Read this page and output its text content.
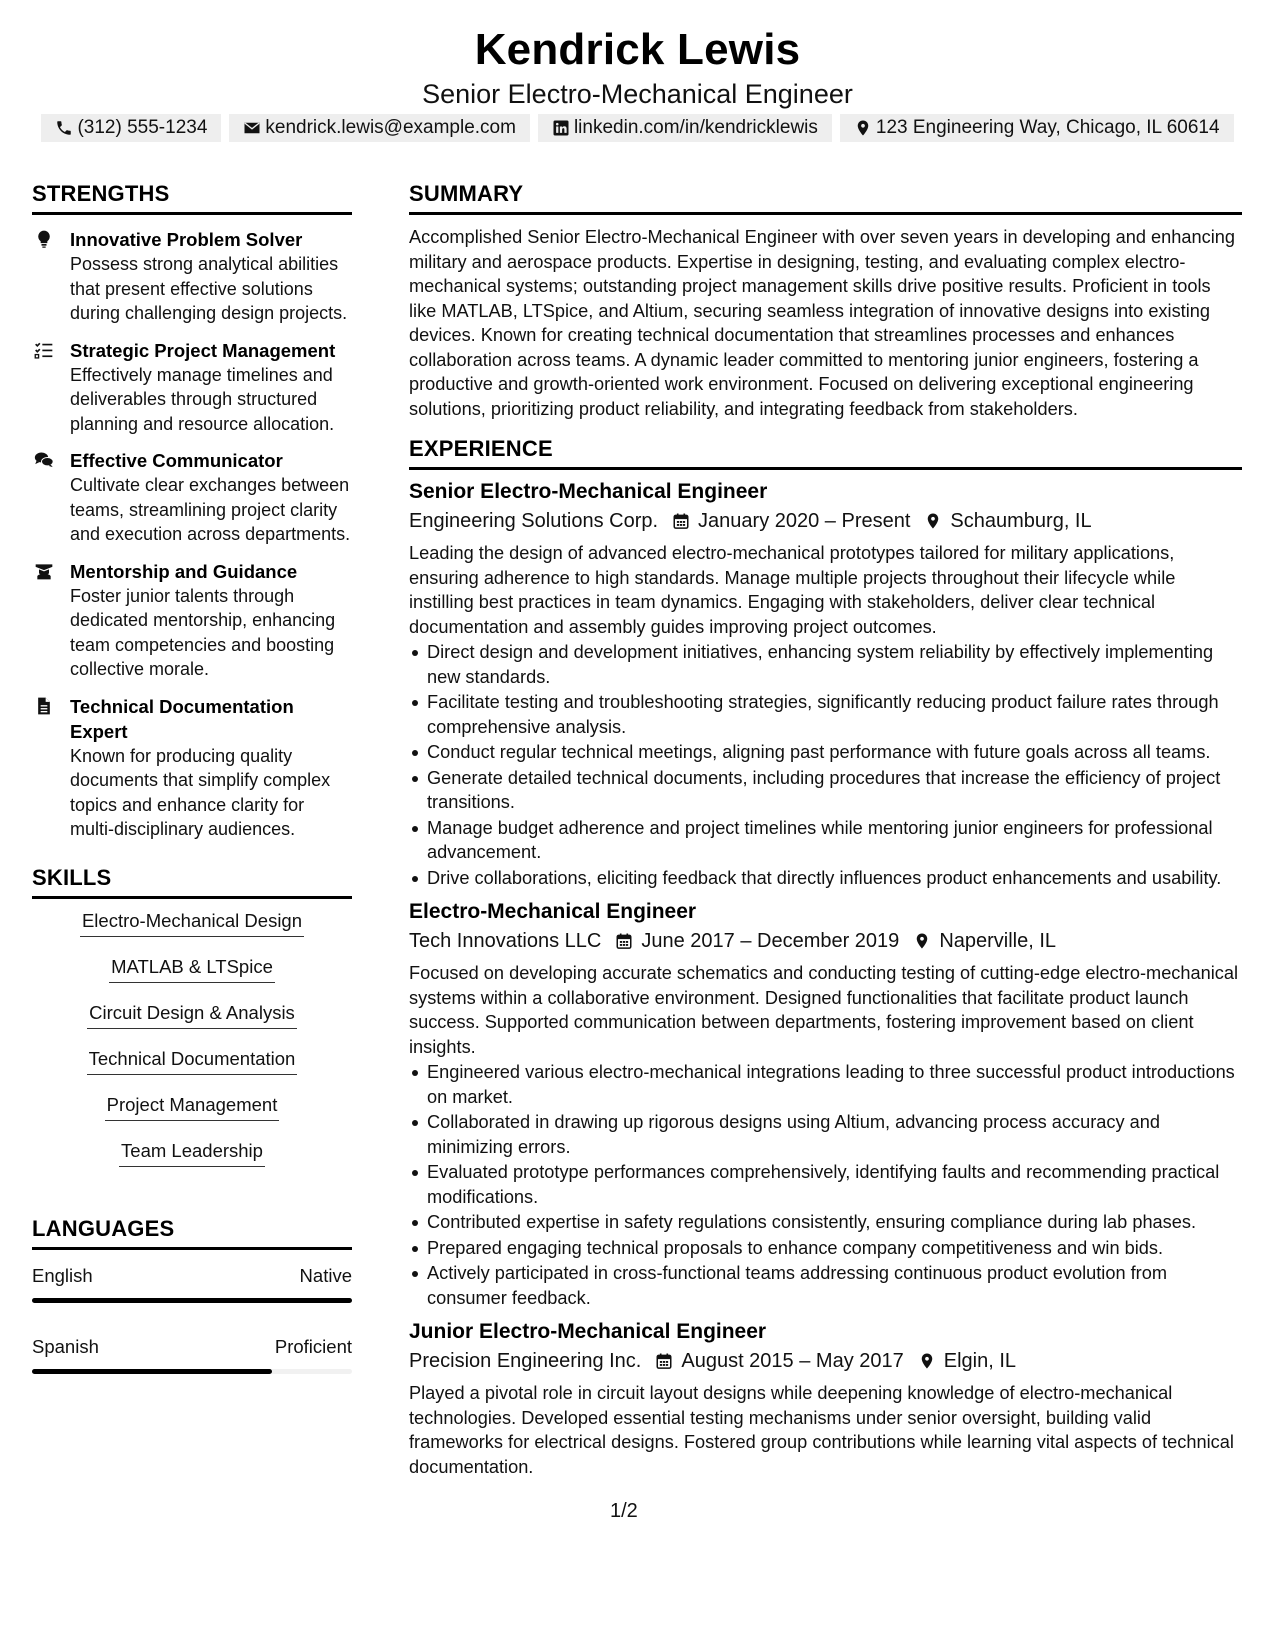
Kendrick Lewis
Senior Electro-Mechanical Engineer
(312) 555-1234	kendrick.lewis@example.com	linkedin.com/in/kendricklewis	123 Engineering Way, Chicago, IL 60614
STRENGTHS
Innovative Problem Solver
Possess strong analytical abilities that present effective solutions during challenging design projects.
Strategic Project Management
Effectively manage timelines and deliverables through structured planning and resource allocation.
Effective Communicator
Cultivate clear exchanges between teams, streamlining project clarity and execution across departments.
Mentorship and Guidance
Foster junior talents through dedicated mentorship, enhancing team competencies and boosting collective morale.
Technical Documentation Expert
Known for producing quality documents that simplify complex topics and enhance clarity for multi-disciplinary audiences.
SKILLS
Electro-Mechanical Design
MATLAB & LTSpice
Circuit Design & Analysis
Technical Documentation
Project Management
Team Leadership
LANGUAGES
English	Native
Spanish	Proficient
SUMMARY
Accomplished Senior Electro-Mechanical Engineer with over seven years in developing and enhancing military and aerospace products. Expertise in designing, testing, and evaluating complex electro-mechanical systems; outstanding project management skills drive positive results. Proficient in tools like MATLAB, LTSpice, and Altium, securing seamless integration of innovative designs into existing devices. Known for creating technical documentation that streamlines processes and enhances collaboration across teams. A dynamic leader committed to mentoring junior engineers, fostering a productive and growth-oriented work environment. Focused on delivering exceptional engineering solutions, prioritizing product reliability, and integrating feedback from stakeholders.
EXPERIENCE
Senior Electro-Mechanical Engineer
Engineering Solutions Corp. January 2020 – Present Schaumburg, IL
Leading the design of advanced electro-mechanical prototypes tailored for military applications, ensuring adherence to high standards. Manage multiple projects throughout their lifecycle while instilling best practices in team dynamics. Engaging with stakeholders, deliver clear technical documentation and assembly guides improving project outcomes.
Direct design and development initiatives, enhancing system reliability by effectively implementing new standards.
Facilitate testing and troubleshooting strategies, significantly reducing product failure rates through comprehensive analysis.
Conduct regular technical meetings, aligning past performance with future goals across all teams.
Generate detailed technical documents, including procedures that increase the efficiency of project transitions.
Manage budget adherence and project timelines while mentoring junior engineers for professional advancement.
Drive collaborations, eliciting feedback that directly influences product enhancements and usability.
Electro-Mechanical Engineer
Tech Innovations LLC June 2017 – December 2019 Naperville, IL
Focused on developing accurate schematics and conducting testing of cutting-edge electro-mechanical systems within a collaborative environment. Designed functionalities that facilitate product launch success. Supported communication between departments, fostering improvement based on client insights.
Engineered various electro-mechanical integrations leading to three successful product introductions on market.
Collaborated in drawing up rigorous designs using Altium, advancing process accuracy and minimizing errors.
Evaluated prototype performances comprehensively, identifying faults and recommending practical modifications.
Contributed expertise in safety regulations consistently, ensuring compliance during lab phases.
Prepared engaging technical proposals to enhance company competitiveness and win bids.
Actively participated in cross-functional teams addressing continuous product evolution from consumer feedback.
Junior Electro-Mechanical Engineer
Precision Engineering Inc. August 2015 – May 2017 Elgin, IL
Played a pivotal role in circuit layout designs while deepening knowledge of electro-mechanical technologies. Developed essential testing mechanisms under senior oversight, building valid frameworks for electrical designs. Fostered group contributions while learning vital aspects of technical documentation.
1/2
